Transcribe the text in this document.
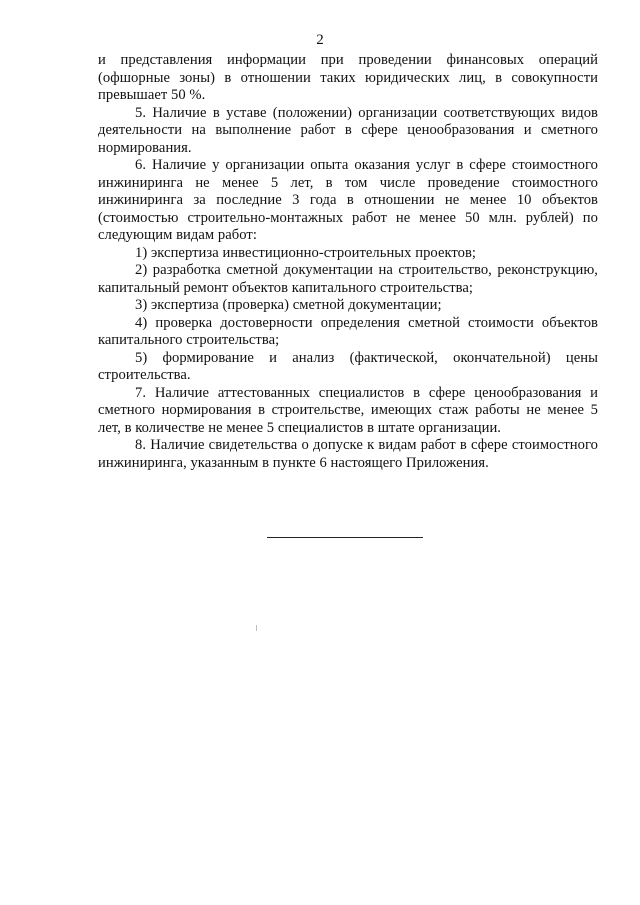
2

и представления информации при проведении финансовых операций (офшорные зоны) в отношении таких юридических лиц, в совокупности превышает 50 %.

5. Наличие в уставе (положении) организации соответствующих видов деятельности на выполнение работ в сфере ценообразования и сметного нормирования.

6. Наличие у организации опыта оказания услуг в сфере стоимостного инжиниринга не менее 5 лет, в том числе проведение стоимостного инжиниринга за последние 3 года в отношении не менее 10 объектов (стоимостью строительно-монтажных работ не менее 50 млн. рублей) по следующим видам работ:

1) экспертиза инвестиционно-строительных проектов;

2) разработка сметной документации на строительство, реконструкцию, капитальный ремонт объектов капитального строительства;

3) экспертиза (проверка) сметной документации;

4) проверка достоверности определения сметной стоимости объектов капитального строительства;

5) формирование и анализ (фактической, окончательной) цены строительства.

7. Наличие аттестованных специалистов в сфере ценообразования и сметного нормирования в строительстве, имеющих стаж работы не менее 5 лет, в количестве не менее 5 специалистов в штате организации.

8. Наличие свидетельства о допуске к видам работ в сфере стоимостного инжиниринга, указанным в пункте 6 настоящего Приложения.
